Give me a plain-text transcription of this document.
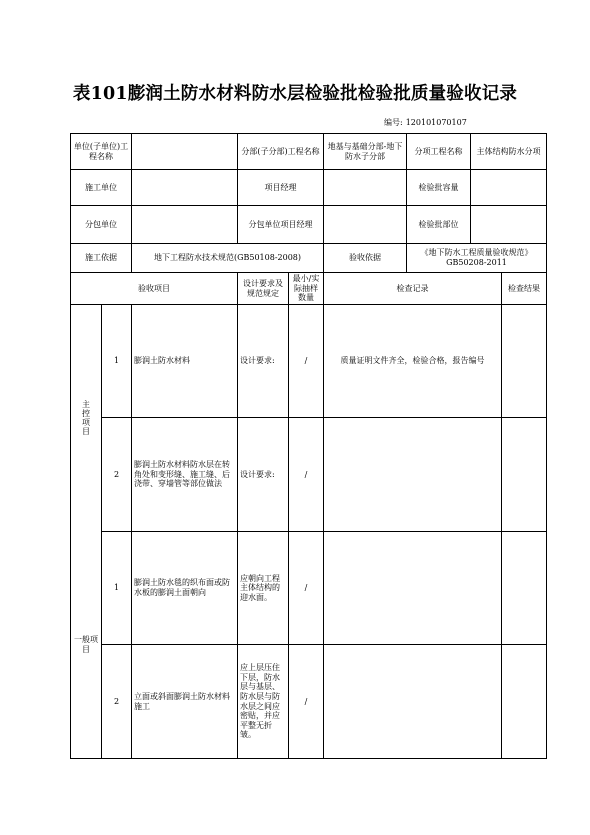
表101膨润土防水材料防水层检验批检验批质量验收记录
编号: 120101070107
单位(子单位)工程名称			分部(子分部)工程名称		地基与基础分部-地下防水子分部	分项工程名称	主体结构防水分项	
施工单位			项目经理			检验批容量		
分包单位			分包单位项目经理			检验批部位		
施工依据		地下工程防水技术规范(GB50108-2008)			验收依据	《地下防水工程质量验收规范》GB50208-2011		
验收项目			设计要求及规范规定	最小/实际抽样数量	检查记录			检查结果
主控项目	1	膨润土防水材料	设计要求:	/	质量证明文件齐全，检验合格，报告编号			
	2	膨润土防水材料防水层在转角处和变形缝、施工缝、后浇带、穿墙管等部位做法	设计要求:	/				
一般项目	1	膨润土防水毯的织布面或防水板的膨润土面朝向	应朝向工程主体结构的迎水面。	/				
	2	立面或斜面膨润土防水材料施工	应上层压住下层，防水层与基层、防水层与防水层之间应密贴，并应平整无折皱。	/				
